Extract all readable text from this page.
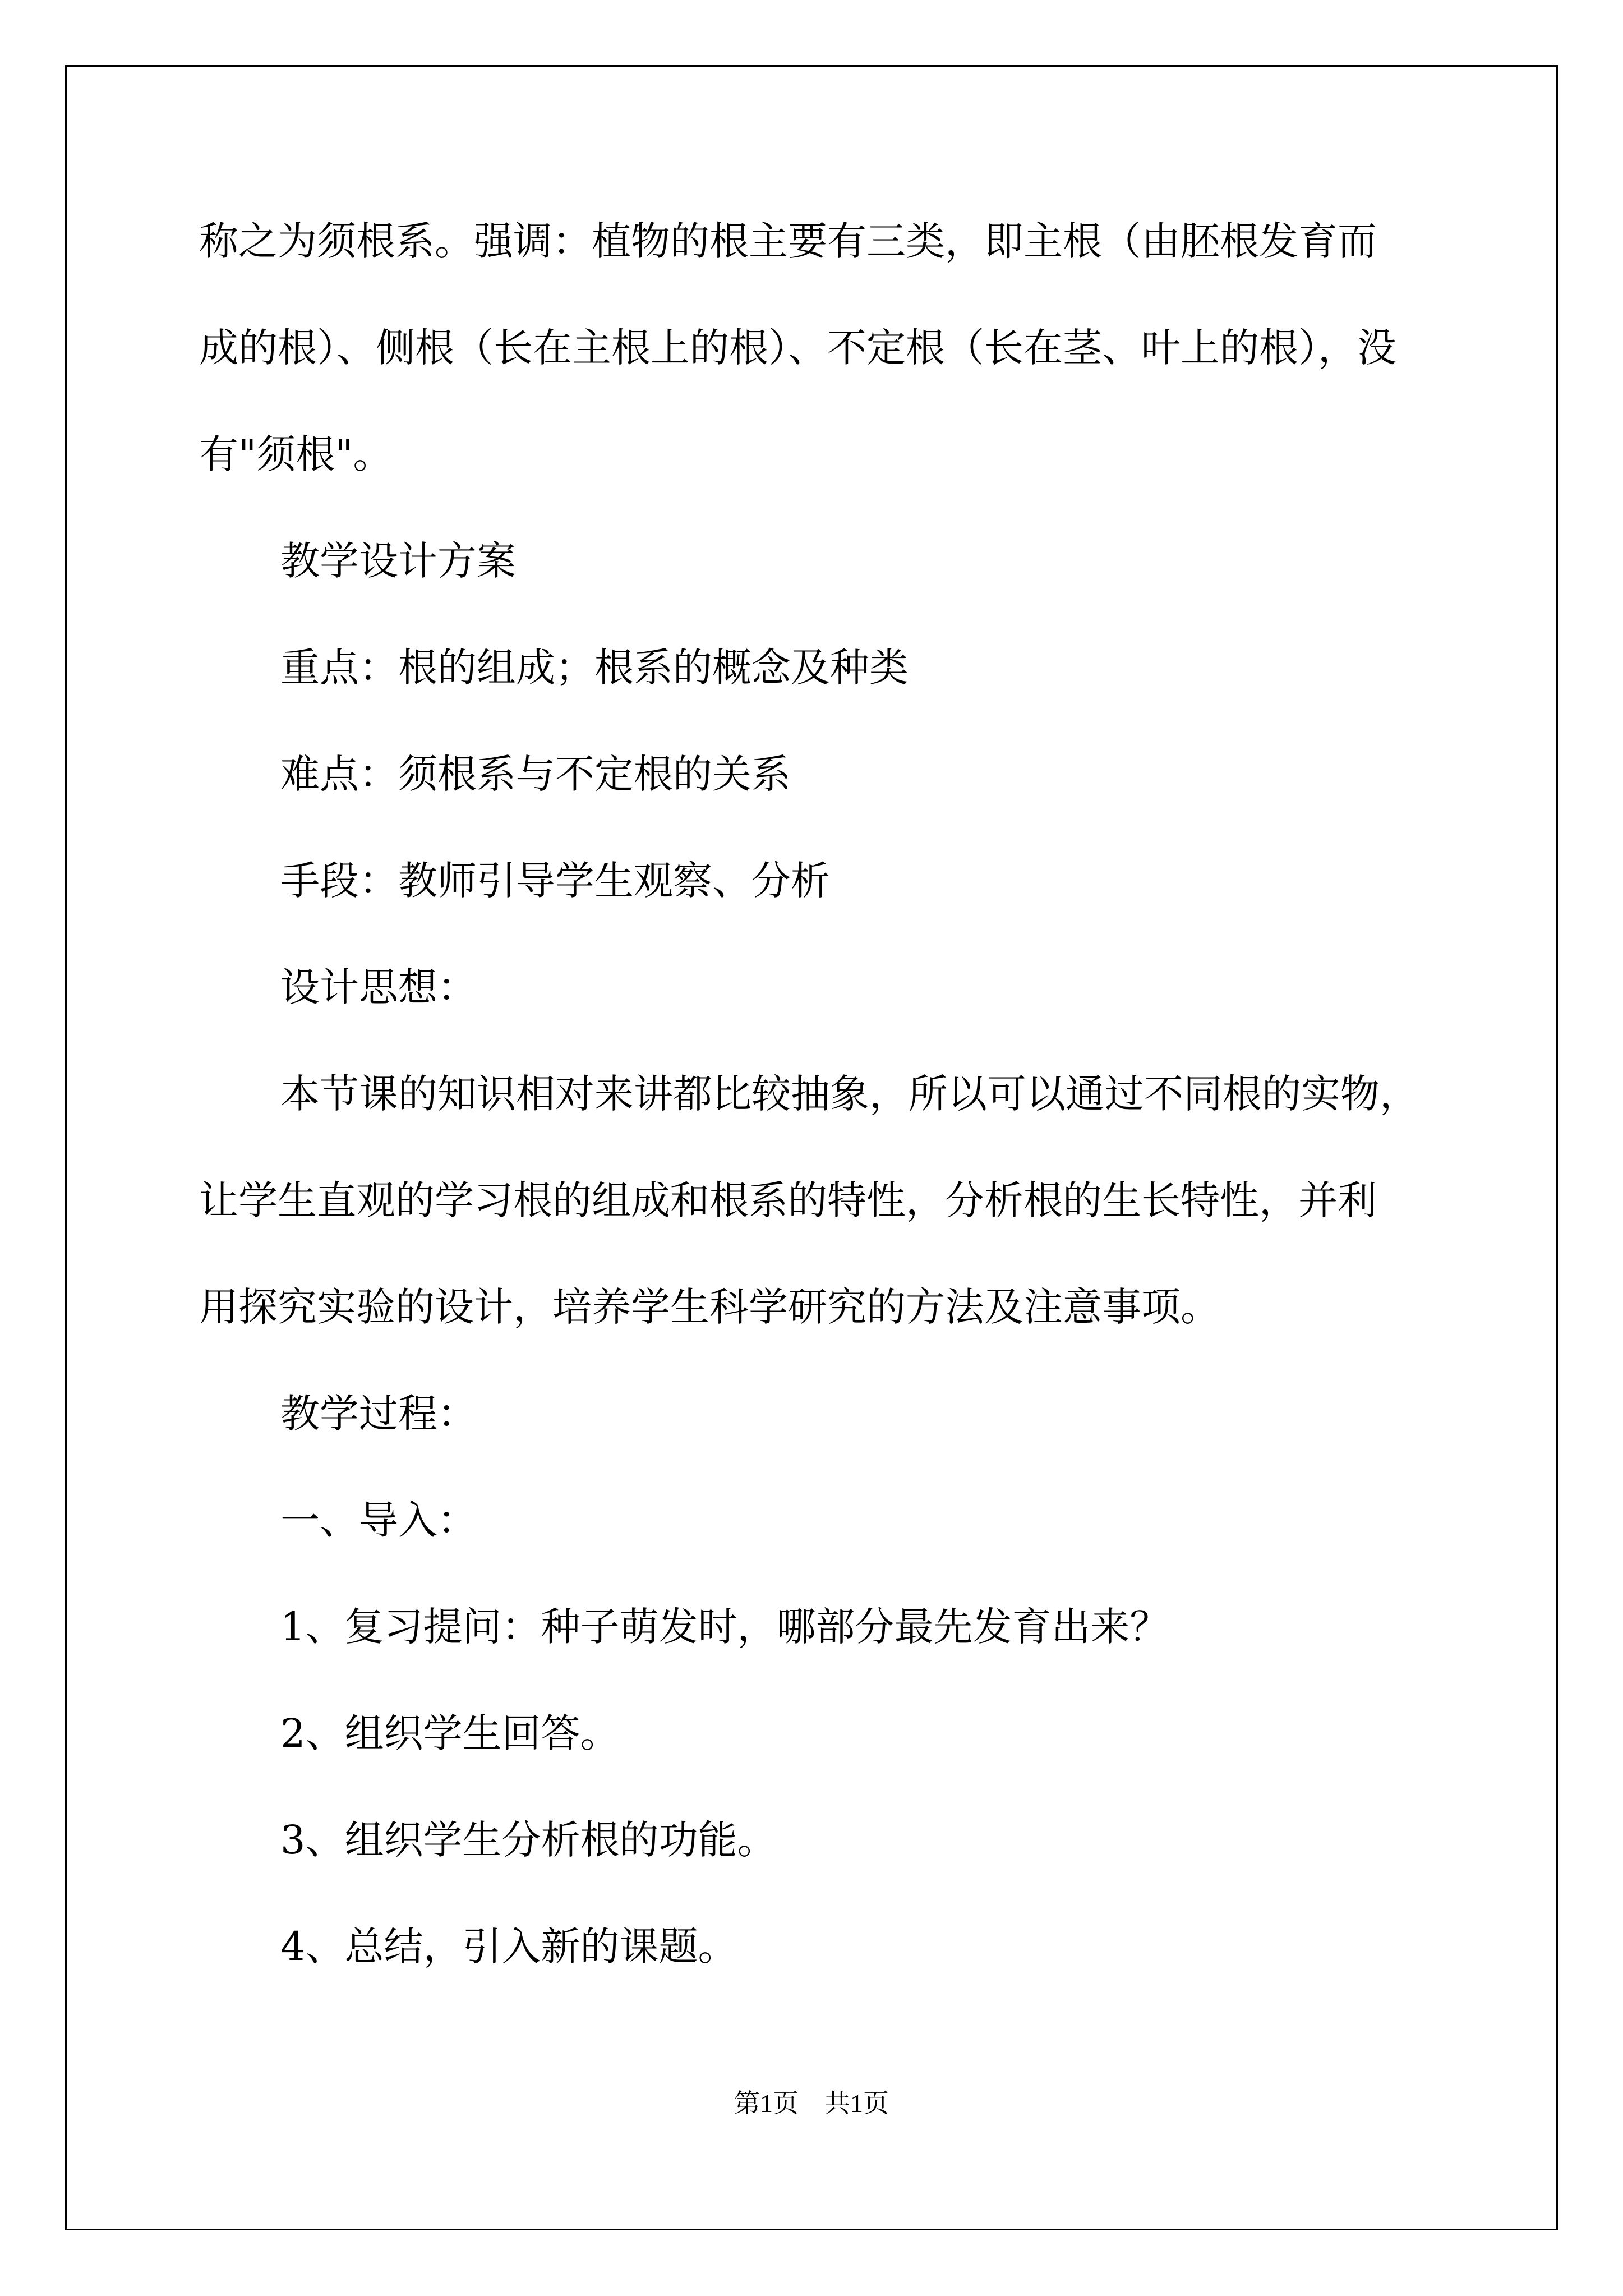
称之为须根系。强调：植物的根主要有三类，即主根（由胚根发育而
成的根）、侧根（长在主根上的根）、不定根（长在茎、叶上的根），没
有"须根"。
教学设计方案
重点：根的组成；根系的概念及种类
难点：须根系与不定根的关系
手段：教师引导学生观察、分析
设计思想：
本节课的知识相对来讲都比较抽象，所以可以通过不同根的实物，
让学生直观的学习根的组成和根系的特性，分析根的生长特性，并利
用探究实验的设计，培养学生科学研究的方法及注意事项。
教学过程：
一、导入：
1、复习提问：种子萌发时，哪部分最先发育出来？
2、组织学生回答。
3、组织学生分析根的功能。
4、总结，引入新的课题。
第1页　共1页
